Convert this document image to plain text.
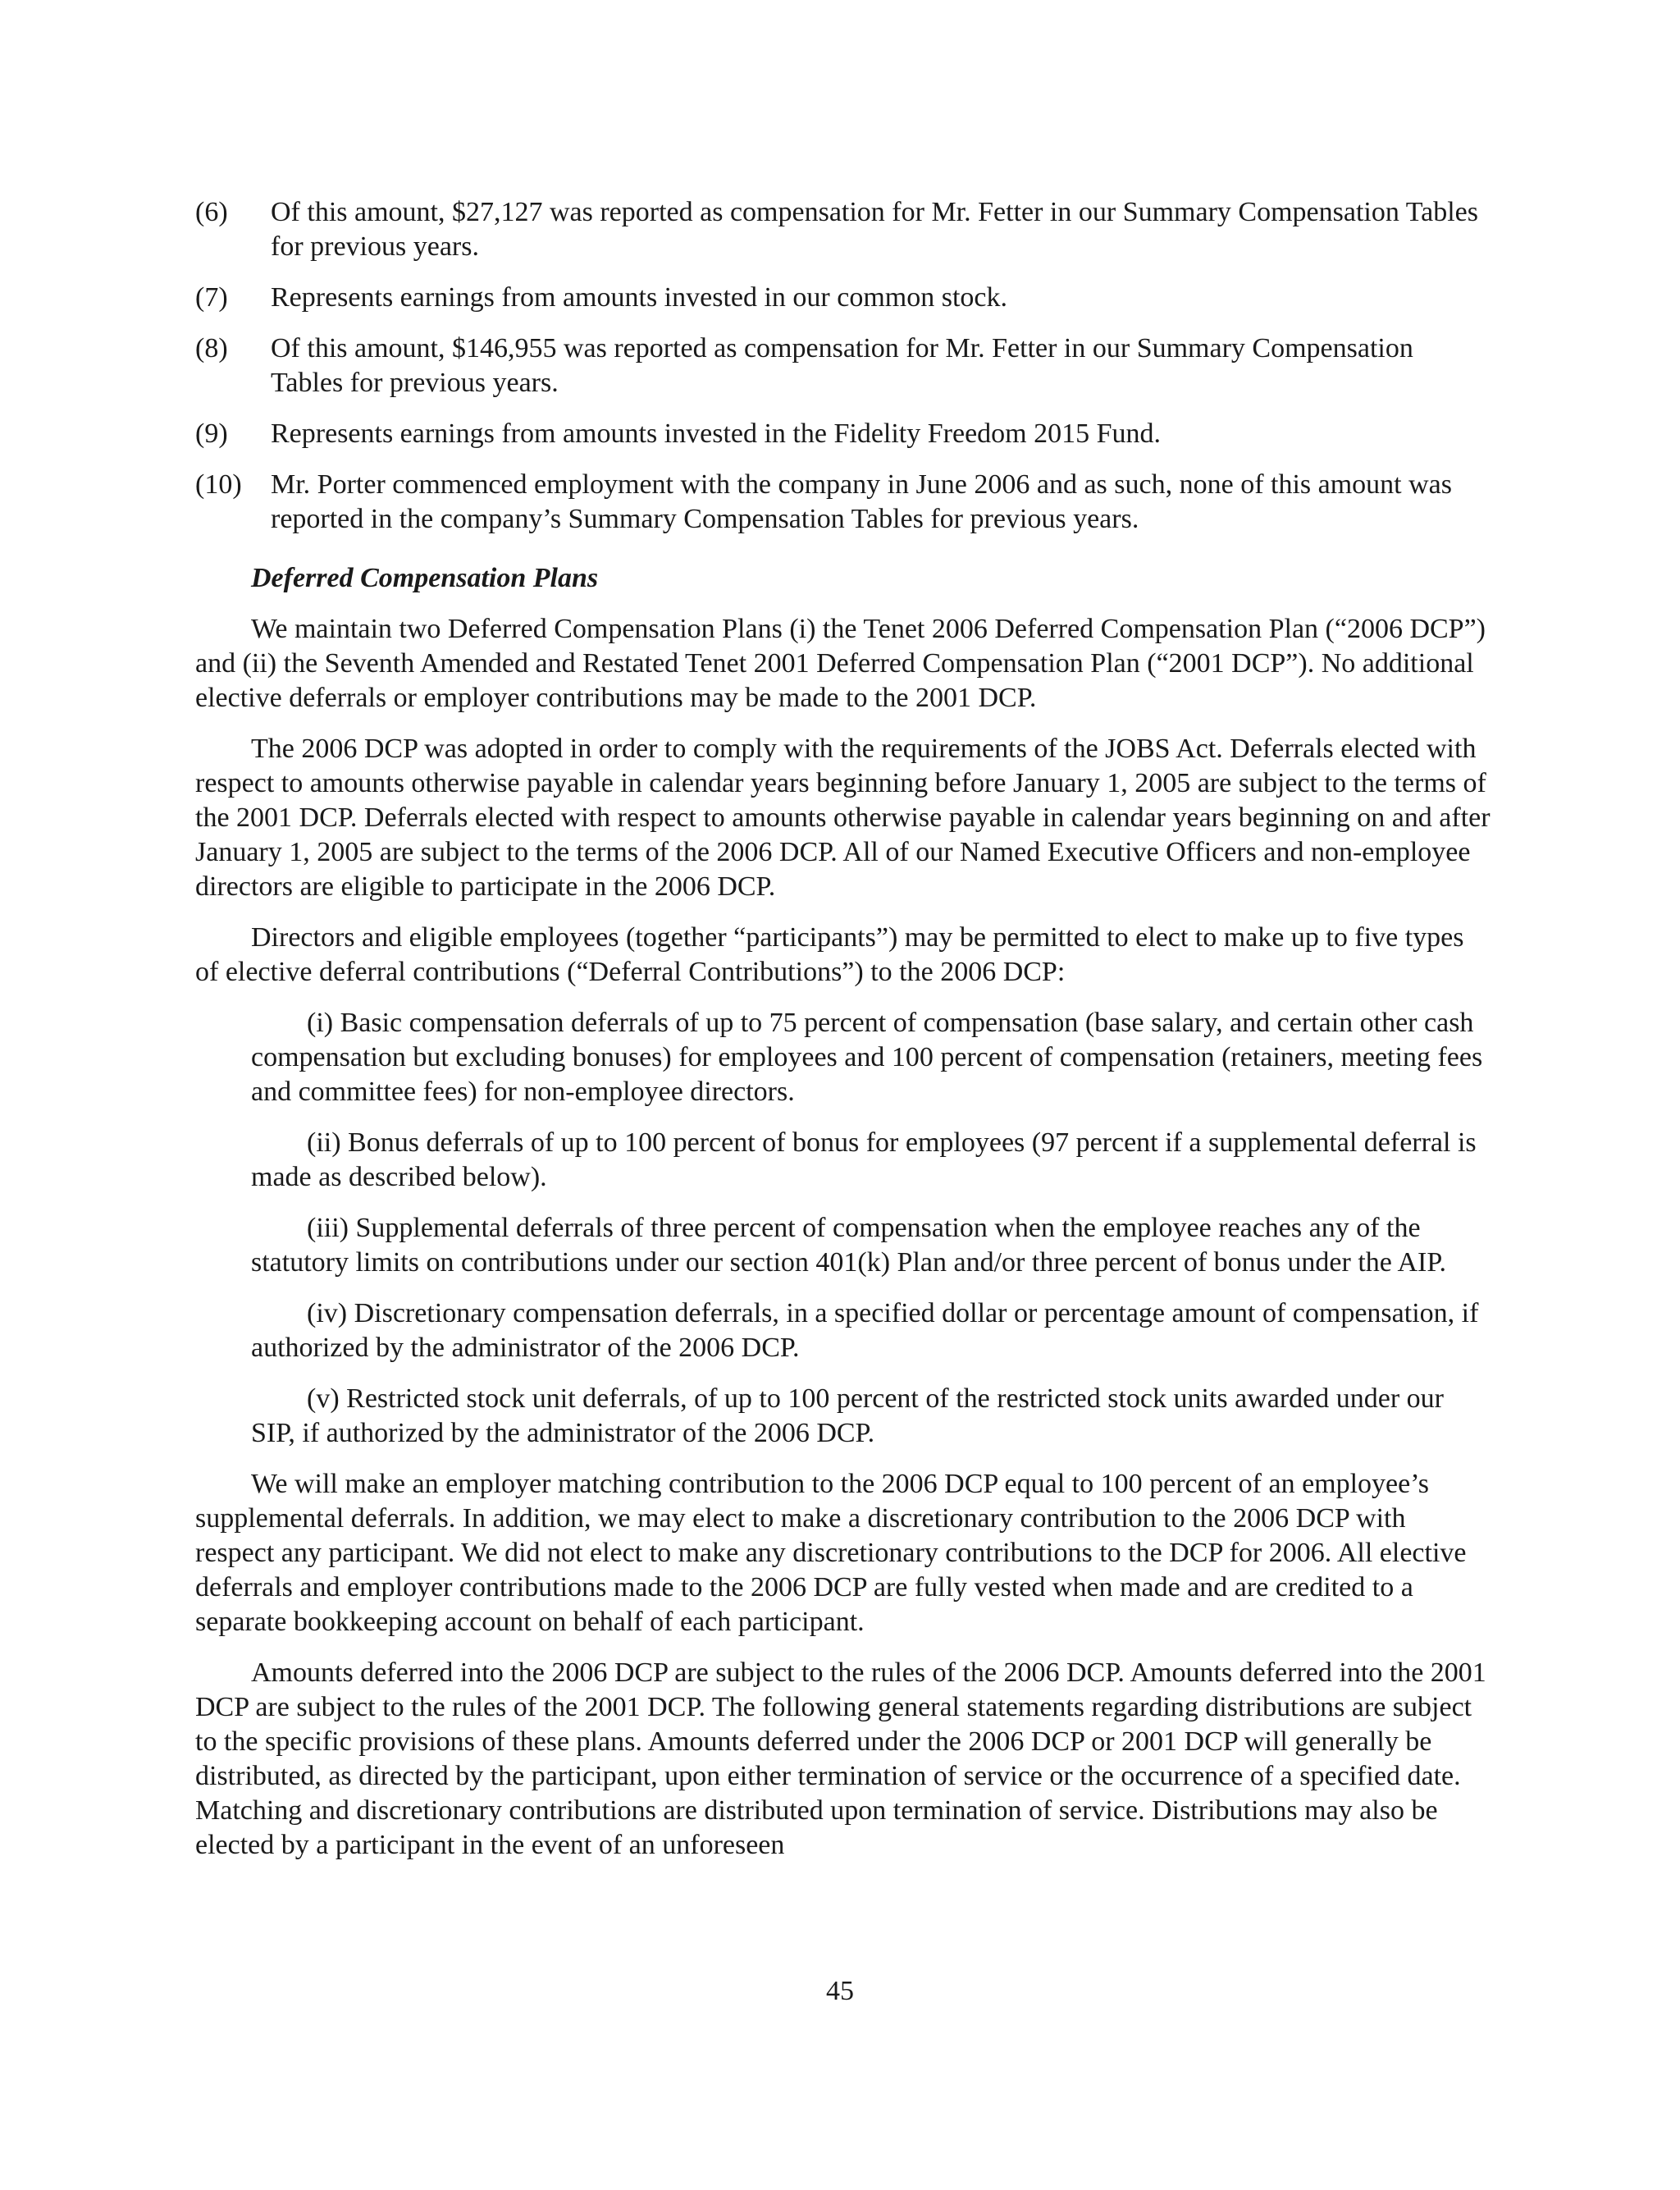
(6)	Of this amount, $27,127 was reported as compensation for Mr. Fetter in our Summary Compensation Tables for previous years.
(7)	Represents earnings from amounts invested in our common stock.
(8)	Of this amount, $146,955 was reported as compensation for Mr. Fetter in our Summary Compensation Tables for previous years.
(9)	Represents earnings from amounts invested in the Fidelity Freedom 2015 Fund.
(10)	Mr. Porter commenced employment with the company in June 2006 and as such, none of this amount was reported in the company’s Summary Compensation Tables for previous years.
Deferred Compensation Plans

We maintain two Deferred Compensation Plans (i) the Tenet 2006 Deferred Compensation Plan (“2006 DCP”) and (ii) the Seventh Amended and Restated Tenet 2001 Deferred Compensation Plan (“2001 DCP”). No additional elective deferrals or employer contributions may be made to the 2001 DCP.

The 2006 DCP was adopted in order to comply with the requirements of the JOBS Act. Deferrals elected with respect to amounts otherwise payable in calendar years beginning before January 1, 2005 are subject to the terms of the 2001 DCP. Deferrals elected with respect to amounts otherwise payable in calendar years beginning on and after January 1, 2005 are subject to the terms of the 2006 DCP. All of our Named Executive Officers and non-employee directors are eligible to participate in the 2006 DCP.

Directors and eligible employees (together “participants”) may be permitted to elect to make up to five types of elective deferral contributions (“Deferral Contributions”) to the 2006 DCP:

(i) Basic compensation deferrals of up to 75 percent of compensation (base salary, and certain other cash compensation but excluding bonuses) for employees and 100 percent of compensation (retainers, meeting fees and committee fees) for non-employee directors.

(ii) Bonus deferrals of up to 100 percent of bonus for employees (97 percent if a supplemental deferral is made as described below).

(iii) Supplemental deferrals of three percent of compensation when the employee reaches any of the statutory limits on contributions under our section 401(k) Plan and/or three percent of bonus under the AIP.

(iv) Discretionary compensation deferrals, in a specified dollar or percentage amount of compensation, if authorized by the administrator of the 2006 DCP.

(v) Restricted stock unit deferrals, of up to 100 percent of the restricted stock units awarded under our SIP, if authorized by the administrator of the 2006 DCP.

We will make an employer matching contribution to the 2006 DCP equal to 100 percent of an employee’s supplemental deferrals. In addition, we may elect to make a discretionary contribution to the 2006 DCP with respect any participant. We did not elect to make any discretionary contributions to the DCP for 2006. All elective deferrals and employer contributions made to the 2006 DCP are fully vested when made and are credited to a separate bookkeeping account on behalf of each participant.

Amounts deferred into the 2006 DCP are subject to the rules of the 2006 DCP. Amounts deferred into the 2001 DCP are subject to the rules of the 2001 DCP. The following general statements regarding distributions are subject to the specific provisions of these plans. Amounts deferred under the 2006 DCP or 2001 DCP will generally be distributed, as directed by the participant, upon either termination of service or the occurrence of a specified date. Matching and discretionary contributions are distributed upon termination of service. Distributions may also be elected by a participant in the event of an unforeseen

45
